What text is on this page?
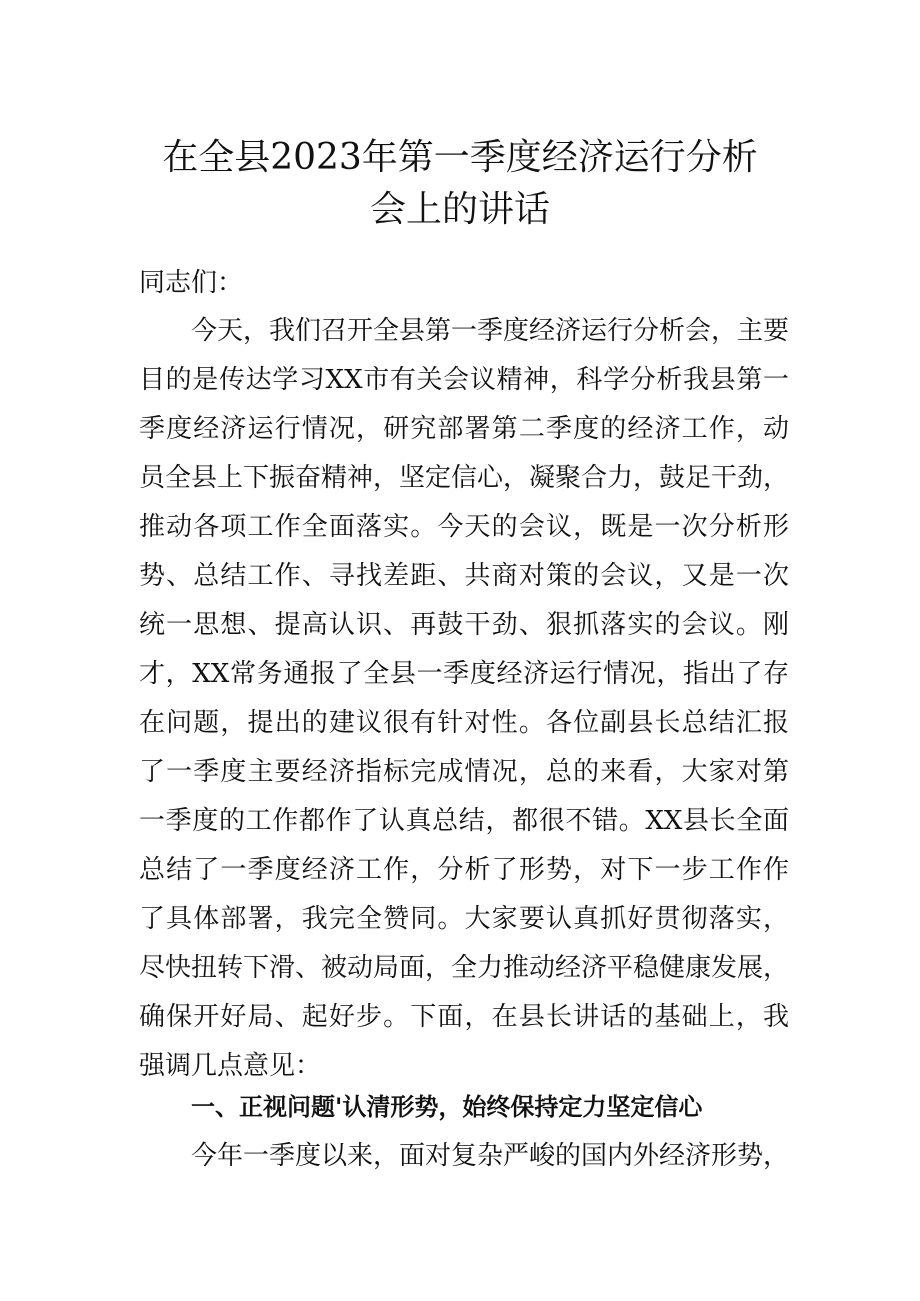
在全县2023年第一季度经济运行分析
会上的讲话
同志们：
今天，我们召开全县第一季度经济运行分析会，主要
目的是传达学习XX市有关会议精神，科学分析我县第一
季度经济运行情况，研究部署第二季度的经济工作，动
员全县上下振奋精神，坚定信心，凝聚合力，鼓足干劲，
推动各项工作全面落实。今天的会议，既是一次分析形
势、总结工作、寻找差距、共商对策的会议，又是一次
统一思想、提高认识、再鼓干劲、狠抓落实的会议。刚
才，XX常务通报了全县一季度经济运行情况，指出了存
在问题，提出的建议很有针对性。各位副县长总结汇报
了一季度主要经济指标完成情况，总的来看，大家对第
一季度的工作都作了认真总结，都很不错。XX县长全面
总结了一季度经济工作，分析了形势，对下一步工作作
了具体部署，我完全赞同。大家要认真抓好贯彻落实，
尽快扭转下滑、被动局面，全力推动经济平稳健康发展，
确保开好局、起好步。下面，在县长讲话的基础上，我
强调几点意见：
一、正视问题'认清形势，始终保持定力坚定信心
今年一季度以来，面对复杂严峻的国内外经济形势，
